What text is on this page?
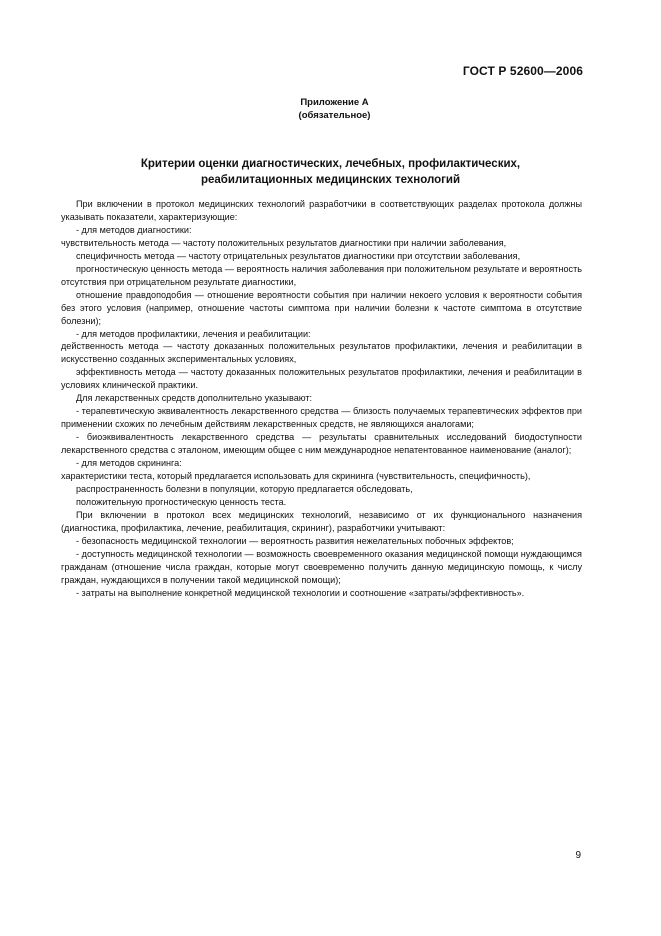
ГОСТ Р 52600—2006
Приложение А
(обязательное)
Критерии оценки диагностических, лечебных, профилактических,
реабилитационных медицинских технологий

При включении в протокол медицинских технологий разработчики в соответствующих разделах протокола должны указывать показатели, характеризующие:

- для методов диагностики:

чувствительность метода — частоту положительных результатов диагностики при наличии заболевания,

специфичность метода — частоту отрицательных результатов диагностики при отсутствии заболевания,

прогностическую ценность метода — вероятность наличия заболевания при положительном результате и вероятность отсутствия при отрицательном результате диагностики,

отношение правдоподобия — отношение вероятности события при наличии некоего условия к вероятности события без этого условия (например, отношение частоты симптома при наличии болезни к частоте симптома в отсутствие болезни);

- для методов профилактики, лечения и реабилитации:

действенность метода — частоту доказанных положительных результатов профилактики, лечения и реабилитации в искусственно созданных экспериментальных условиях,

эффективность метода — частоту доказанных положительных результатов профилактики, лечения и реабилитации в условиях клинической практики.

Для лекарственных средств дополнительно указывают:

- терапевтическую эквивалентность лекарственного средства — близость получаемых терапевтических эффектов при применении схожих по лечебным действиям лекарственных средств, не являющихся аналогами;

- биоэквивалентность лекарственного средства — результаты сравнительных исследований биодоступности лекарственного средства с эталоном, имеющим общее с ним международное непатентованное наименование (аналог);

- для методов скрининга:

характеристики теста, который предлагается использовать для скрининга (чувствительность, специфичность),

распространенность болезни в популяции, которую предлагается обследовать,

положительную прогностическую ценность теста.

При включении в протокол всех медицинских технологий, независимо от их функционального назначения (диагностика, профилактика, лечение, реабилитация, скрининг), разработчики учитывают:

- безопасность медицинской технологии — вероятность развития нежелательных побочных эффектов;

- доступность медицинской технологии — возможность своевременного оказания медицинской помощи нуждающимся гражданам (отношение числа граждан, которые могут своевременно получить данную медицинскую помощь, к числу граждан, нуждающихся в получении такой медицинской помощи);

- затраты на выполнение конкретной медицинской технологии и соотношение «затраты/эффективность».

9
